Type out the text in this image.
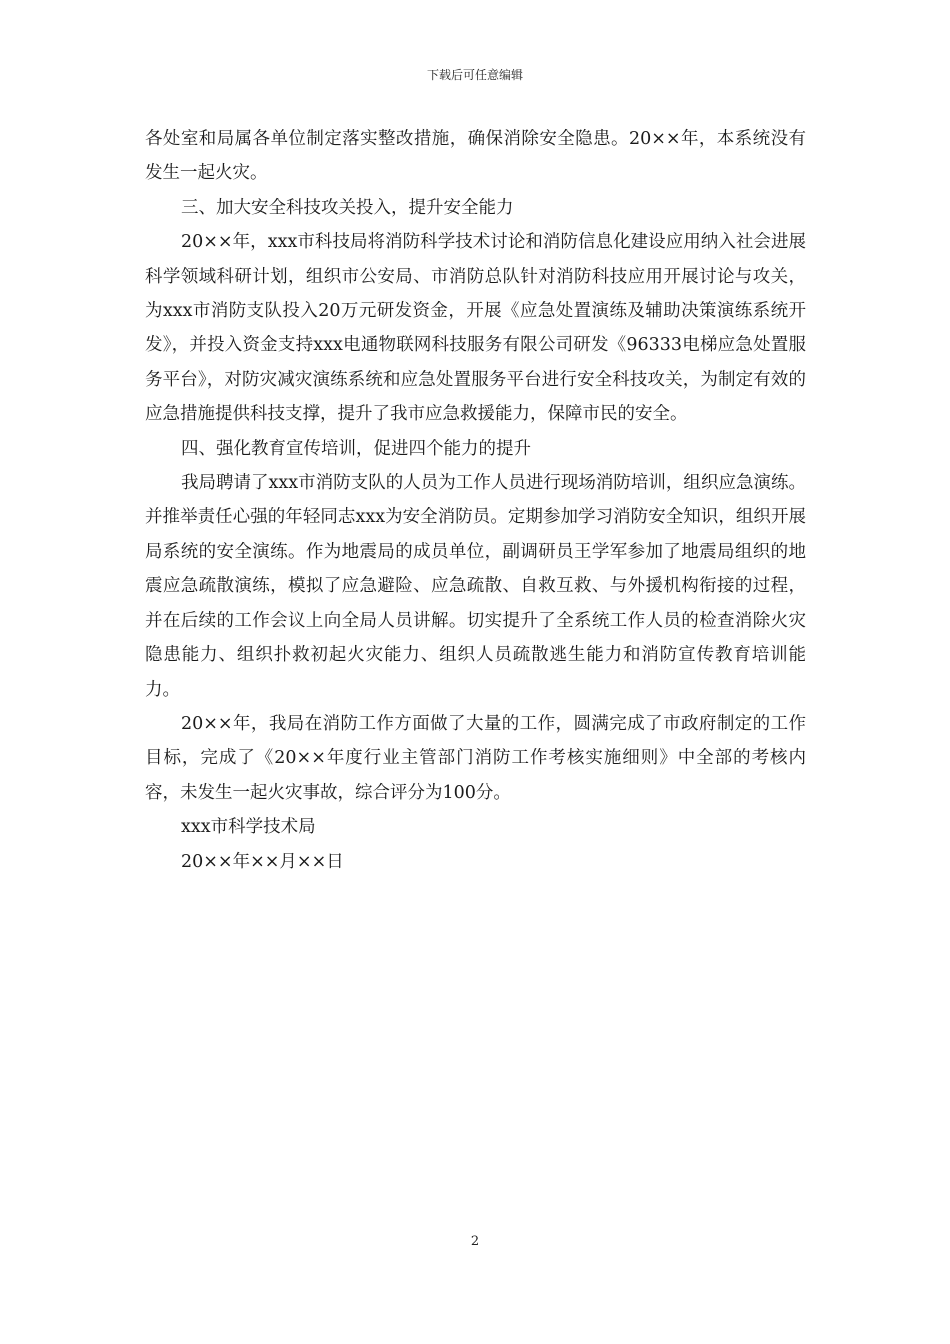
下载后可任意编辑

各处室和局属各单位制定落实整改措施，确保消除安全隐患。20××年，本系统没有发生一起火灾。

三、加大安全科技攻关投入，提升安全能力

20××年，xxx市科技局将消防科学技术讨论和消防信息化建设应用纳入社会进展科学领域科研计划，组织市公安局、市消防总队针对消防科技应用开展讨论与攻关，为xxx市消防支队投入20万元研发资金，开展《应急处置演练及辅助决策演练系统开发》，并投入资金支持xxx电通物联网科技服务有限公司研发《96333电梯应急处置服务平台》，对防灾减灾演练系统和应急处置服务平台进行安全科技攻关，为制定有效的应急措施提供科技支撑，提升了我市应急救援能力，保障市民的安全。

四、强化教育宣传培训，促进四个能力的提升

我局聘请了xxx市消防支队的人员为工作人员进行现场消防培训，组织应急演练。并推举责任心强的年轻同志xxx为安全消防员。定期参加学习消防安全知识，组织开展局系统的安全演练。作为地震局的成员单位，副调研员王学军参加了地震局组织的地震应急疏散演练，模拟了应急避险、应急疏散、自救互救、与外援机构衔接的过程，并在后续的工作会议上向全局人员讲解。切实提升了全系统工作人员的检查消除火灾隐患能力、组织扑救初起火灾能力、组织人员疏散逃生能力和消防宣传教育培训能力。

20××年，我局在消防工作方面做了大量的工作，圆满完成了市政府制定的工作目标，完成了《20××年度行业主管部门消防工作考核实施细则》中全部的考核内容，未发生一起火灾事故，综合评分为100分。

xxx市科学技术局

20××年××月××日

2
